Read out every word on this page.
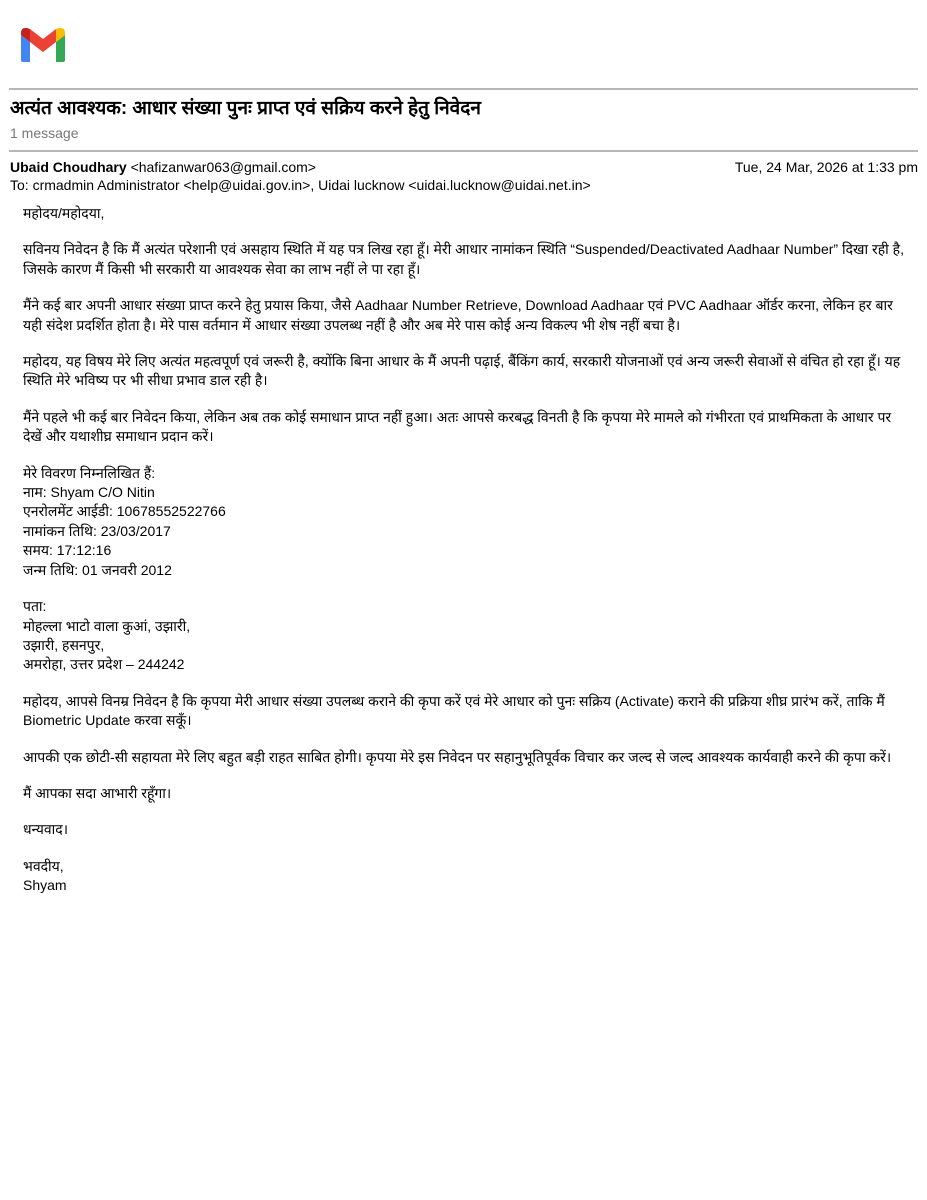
अत्यंत आवश्यक: आधार संख्या पुनः प्राप्त एवं सक्रिय करने हेतु निवेदन
1 message
Ubaid Choudhary <hafizanwar063@gmail.com>	Tue, 24 Mar, 2026 at 1:33 pm
To: crmadmin Administrator <help@uidai.gov.in>, Uidai lucknow <uidai.lucknow@uidai.net.in>

महोदय/महोदया,

सविनय निवेदन है कि मैं अत्यंत परेशानी एवं असहाय स्थिति में यह पत्र लिख रहा हूँ। मेरी आधार नामांकन स्थिति “Suspended/Deactivated Aadhaar Number” दिखा रही है, जिसके कारण मैं किसी भी सरकारी या आवश्यक सेवा का लाभ नहीं ले पा रहा हूँ।

मैंने कई बार अपनी आधार संख्या प्राप्त करने हेतु प्रयास किया, जैसे Aadhaar Number Retrieve, Download Aadhaar एवं PVC Aadhaar ऑर्डर करना, लेकिन हर बार यही संदेश प्रदर्शित होता है। मेरे पास वर्तमान में आधार संख्या उपलब्ध नहीं है और अब मेरे पास कोई अन्य विकल्प भी शेष नहीं बचा है।

महोदय, यह विषय मेरे लिए अत्यंत महत्वपूर्ण एवं जरूरी है, क्योंकि बिना आधार के मैं अपनी पढ़ाई, बैंकिंग कार्य, सरकारी योजनाओं एवं अन्य जरूरी सेवाओं से वंचित हो रहा हूँ। यह स्थिति मेरे भविष्य पर भी सीधा प्रभाव डाल रही है।

मैंने पहले भी कई बार निवेदन किया, लेकिन अब तक कोई समाधान प्राप्त नहीं हुआ। अतः आपसे करबद्ध विनती है कि कृपया मेरे मामले को गंभीरता एवं प्राथमिकता के आधार पर देखें और यथाशीघ्र समाधान प्रदान करें।

मेरे विवरण निम्नलिखित हैं:
नाम: Shyam C/O Nitin
एनरोलमेंट आईडी: 10678552522766
नामांकन तिथि: 23/03/2017
समय: 17:12:16
जन्म तिथि: 01 जनवरी 2012

पता:
मोहल्ला भाटो वाला कुआं, उझारी,
उझारी, हसनपुर,
अमरोहा, उत्तर प्रदेश – 244242

महोदय, आपसे विनम्र निवेदन है कि कृपया मेरी आधार संख्या उपलब्ध कराने की कृपा करें एवं मेरे आधार को पुनः सक्रिय (Activate) कराने की प्रक्रिया शीघ्र प्रारंभ करें, ताकि मैं Biometric Update करवा सकूँ।

आपकी एक छोटी-सी सहायता मेरे लिए बहुत बड़ी राहत साबित होगी। कृपया मेरे इस निवेदन पर सहानुभूतिपूर्वक विचार कर जल्द से जल्द आवश्यक कार्यवाही करने की कृपा करें।

मैं आपका सदा आभारी रहूँगा।

धन्यवाद।

भवदीय,
Shyam
